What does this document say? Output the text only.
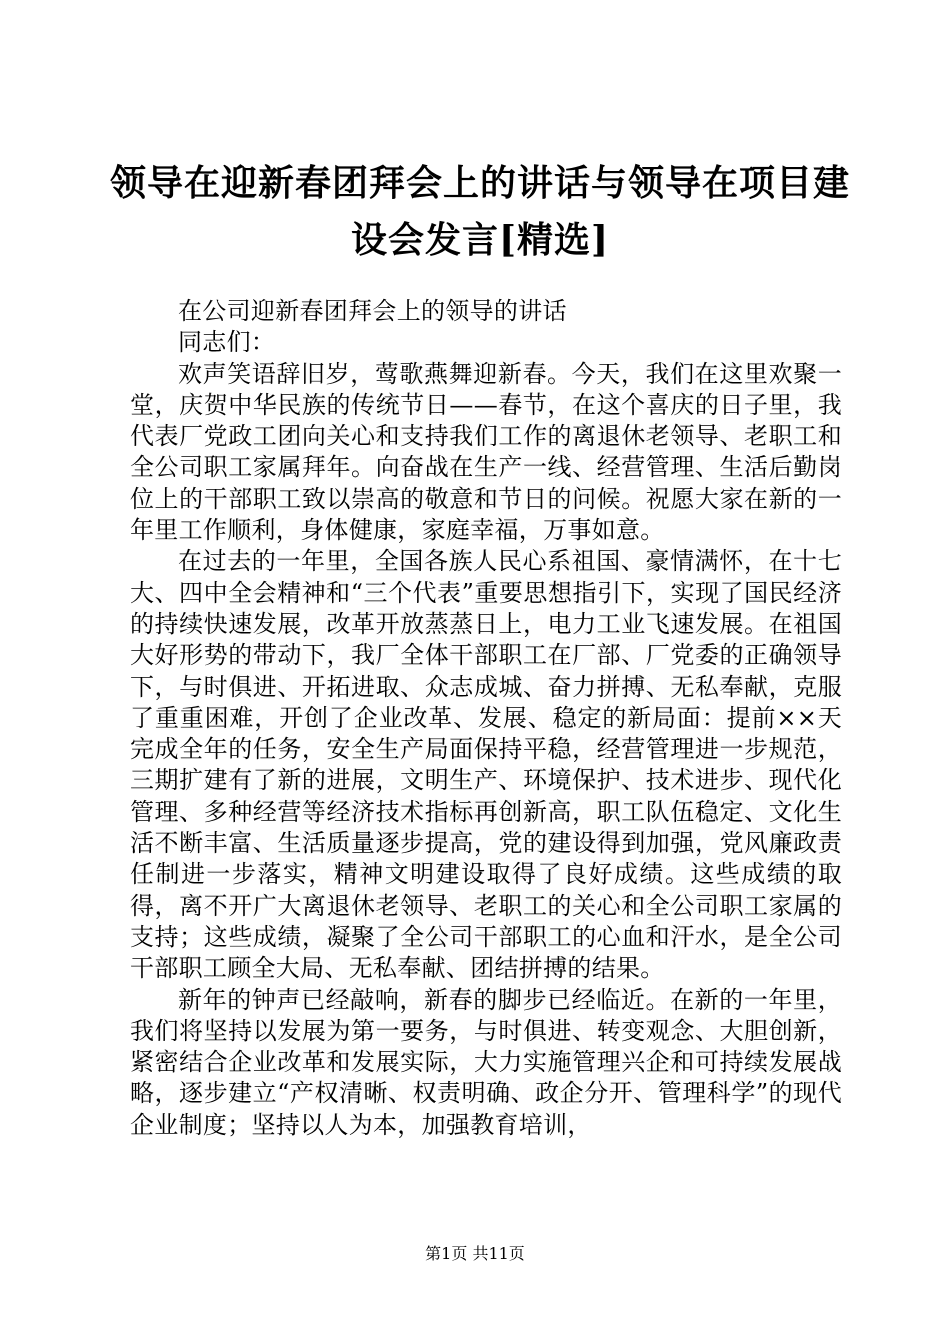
领导在迎新春团拜会上的讲话与领导在项目建设会发言[精选]

在公司迎新春团拜会上的领导的讲话

同志们：

欢声笑语辞旧岁，莺歌燕舞迎新春。今天，我们在这里欢聚一堂，庆贺中华民族的传统节日——春节，在这个喜庆的日子里，我代表厂党政工团向关心和支持我们工作的离退休老领导、老职工和全公司职工家属拜年。向奋战在生产一线、经营管理、生活后勤岗位上的干部职工致以崇高的敬意和节日的问候。祝愿大家在新的一年里工作顺利，身体健康，家庭幸福，万事如意。

在过去的一年里，全国各族人民心系祖国、豪情满怀，在十七大、四中全会精神和“三个代表”重要思想指引下，实现了国民经济的持续快速发展，改革开放蒸蒸日上，电力工业飞速发展。在祖国大好形势的带动下，我厂全体干部职工在厂部、厂党委的正确领导下，与时俱进、开拓进取、众志成城、奋力拼搏、无私奉献，克服了重重困难，开创了企业改革、发展、稳定的新局面：提前××天完成全年的任务，安全生产局面保持平稳，经营管理进一步规范，三期扩建有了新的进展，文明生产、环境保护、技术进步、现代化管理、多种经营等经济技术指标再创新高，职工队伍稳定、文化生活不断丰富、生活质量逐步提高，党的建设得到加强，党风廉政责任制进一步落实，精神文明建设取得了良好成绩。这些成绩的取得，离不开广大离退休老领导、老职工的关心和全公司职工家属的支持；这些成绩，凝聚了全公司干部职工的心血和汗水，是全公司干部职工顾全大局、无私奉献、团结拼搏的结果。

新年的钟声已经敲响，新春的脚步已经临近。在新的一年里，我们将坚持以发展为第一要务，与时俱进、转变观念、大胆创新，紧密结合企业改革和发展实际，大力实施管理兴企和可持续发展战略，逐步建立“产权清晰、权责明确、政企分开、管理科学”的现代企业制度；坚持以人为本，加强教育培训，

第1页 共11页
